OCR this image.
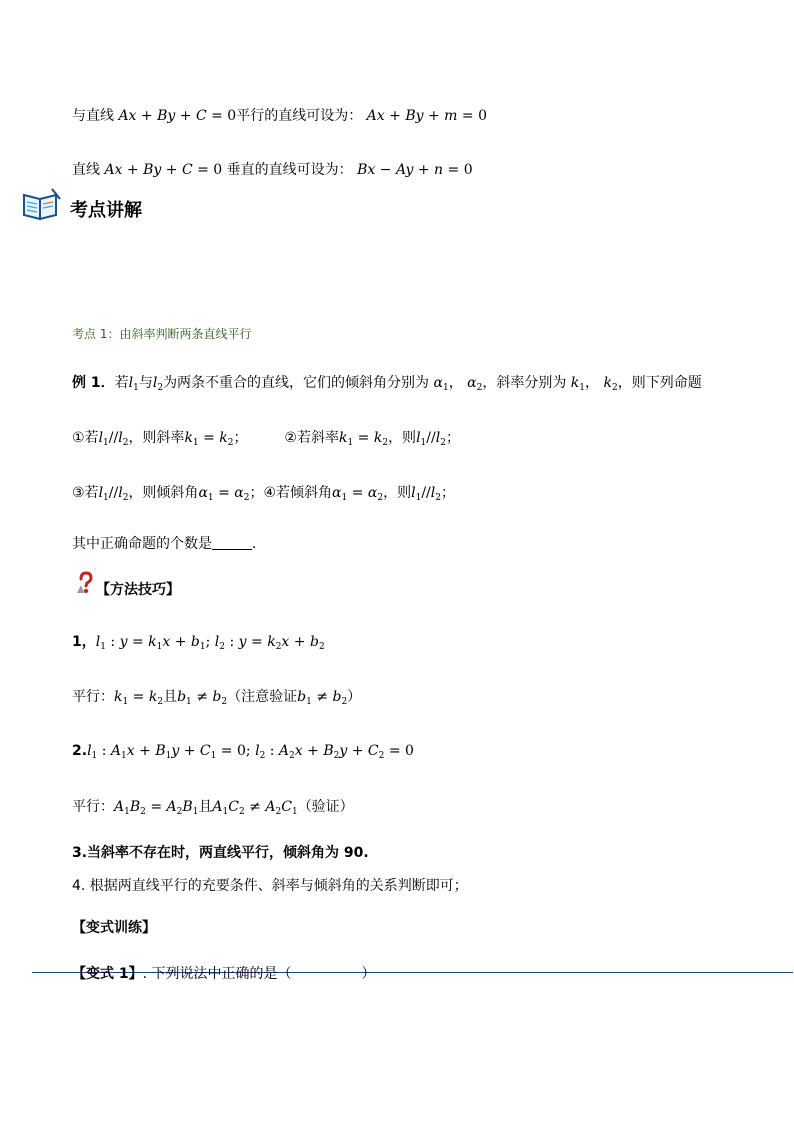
与直线 Ax + By + C = 0平行的直线可设为： Ax + By + m = 0
直线 Ax + By + C = 0 垂直的直线可设为： Bx − Ay + n = 0
考点讲解
考点 1：由斜率判断两条直线平行
例 1．若$l_1$与$l_2$为两条不重合的直线，它们的倾斜角分别为 $\alpha_1$， $\alpha_2$，斜率分别为 $k_1$， $k_2$，则下列命题
①若$l_1//l_2$，则斜率$k_1 = k_2$；  ②若斜率$k_1 = k_2$，则$l_1//l_2$；
③若$l_1//l_2$，则倾斜角$\alpha_1 = \alpha_2$；④若倾斜角$\alpha_1 = \alpha_2$，则$l_1//l_2$；
其中正确命题的个数是	.
【方法技巧】
1，$l_1$ : $y = k_1x + b_1$; $l_2$ : $y = k_2x + b_2$
平行：$k_1 = k_2$且$b_1 \ne b_2$（注意验证$b_1 \ne b_2$）
$2.l_1$ : $A_1x + B_1y + C_1 = 0$; $l_2$ : $A_2x + B_2y + C_2 = 0$
平行：$A_1B_2 = A_2B_1$且$A_1C_2 \ne A_2C_1$（验证）
3.当斜率不存在时，两直线平行，倾斜角为 90.
4. 根据两直线平行的充要条件、斜率与倾斜角的关系判断即可；
【变式训练】
【变式 1】. 下列说法中正确的是（	）
